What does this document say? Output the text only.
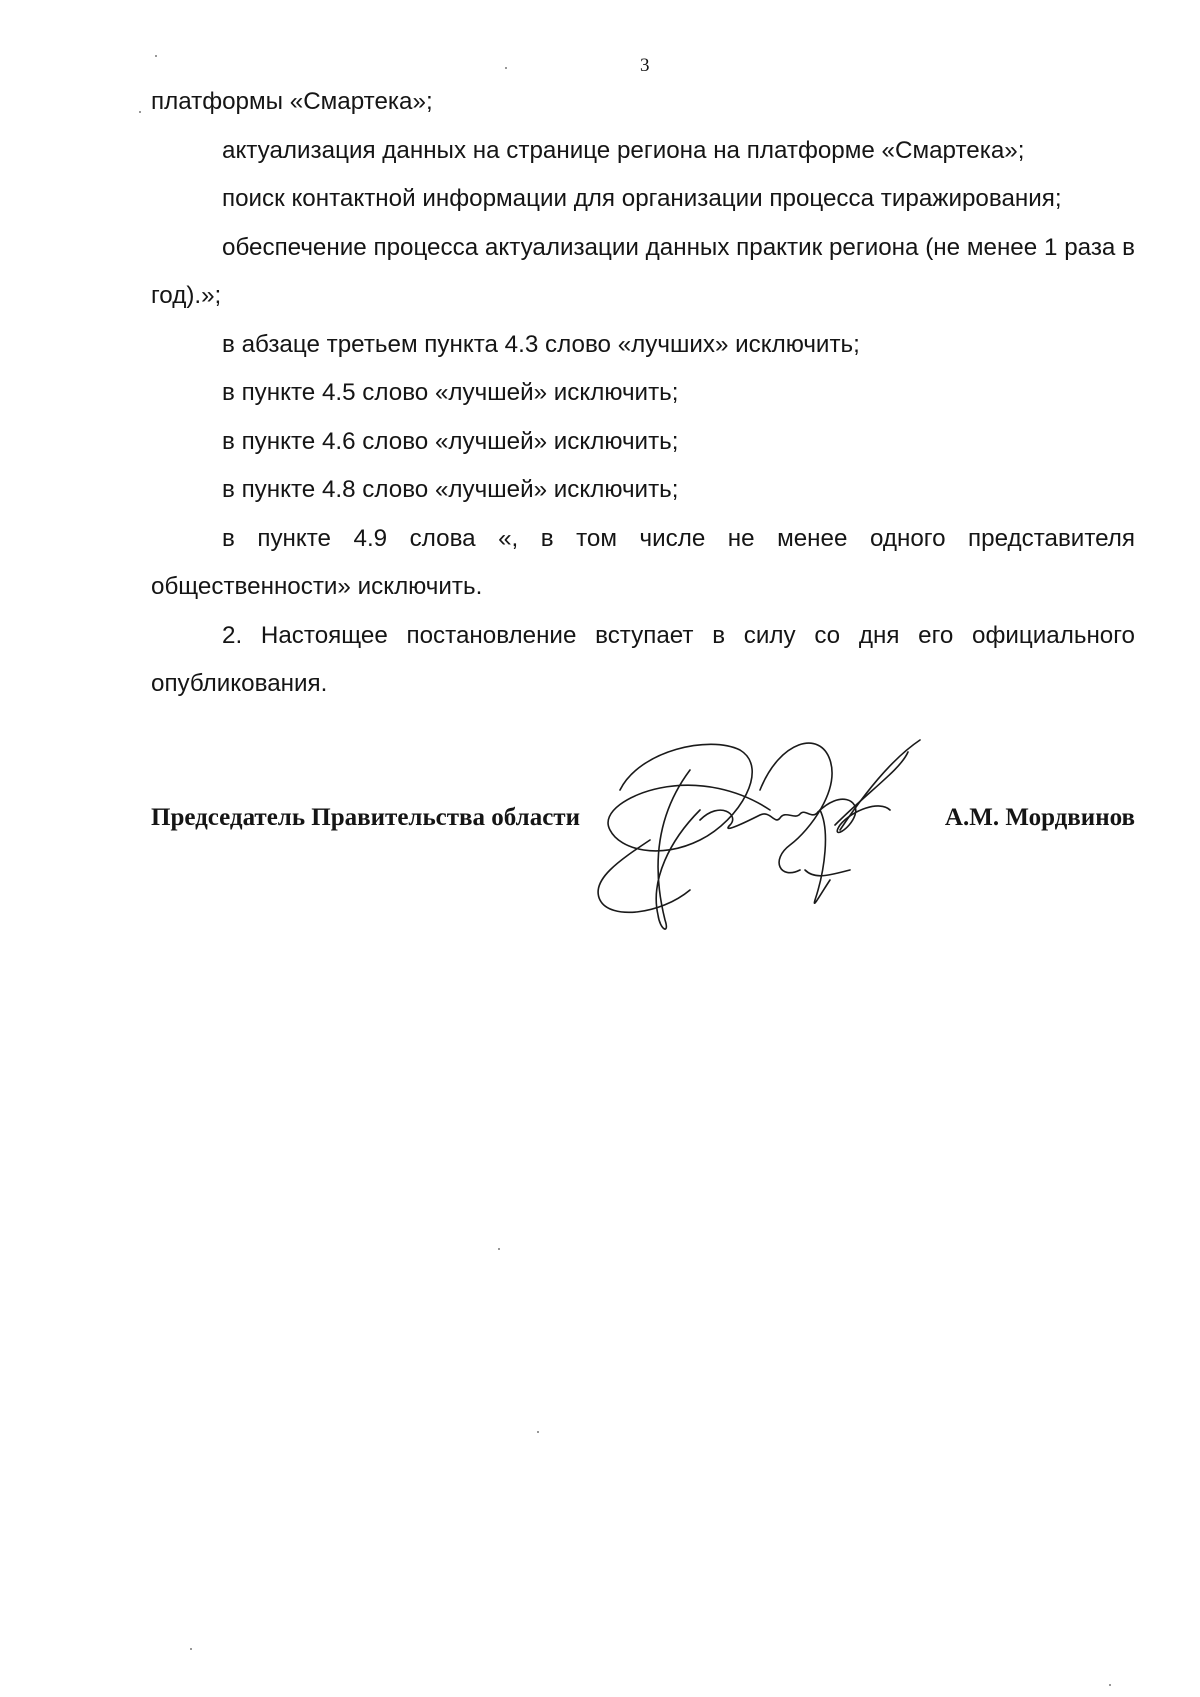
3

платформы «Смартека»;

актуализация данных на странице региона на платформе «Смартека»;

поиск контактной информации для организации процесса тиражирования;

обеспечение процесса актуализации данных практик региона (не менее 1 раза в год).»;

в абзаце третьем пункта 4.3 слово «лучших» исключить;

в пункте 4.5 слово «лучшей» исключить;

в пункте 4.6 слово «лучшей» исключить;

в пункте 4.8 слово «лучшей» исключить;

в пункте 4.9 слова «, в том числе не менее одного представителя общественности» исключить.

2. Настоящее постановление вступает в силу со дня его официального опубликования.

Председатель Правительства области	А.М. Мордвинов
